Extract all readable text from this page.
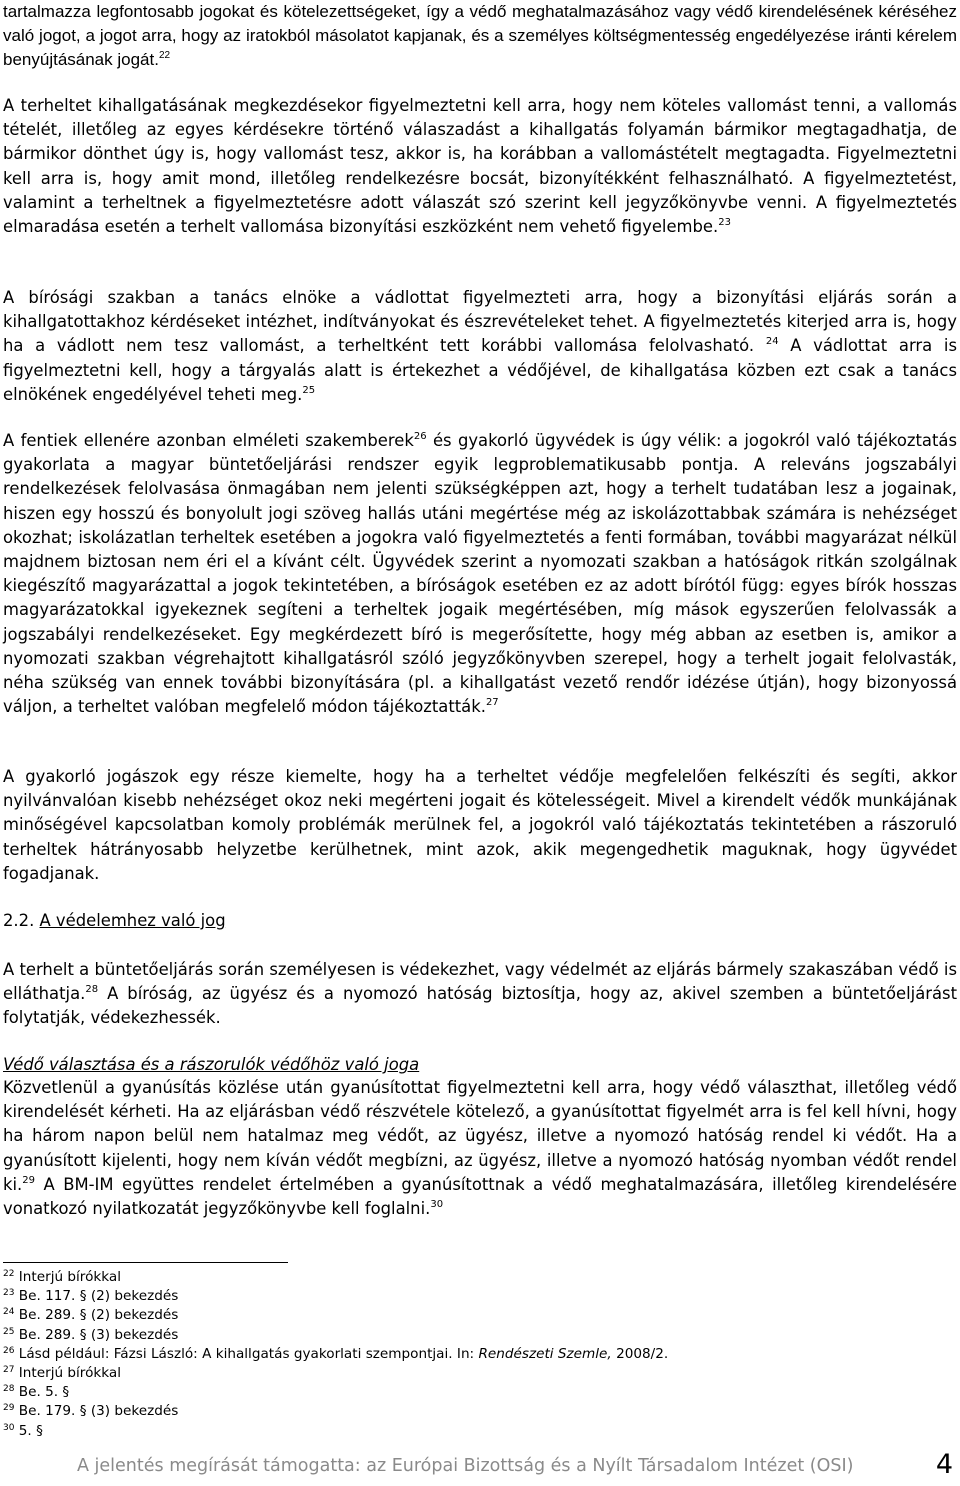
tartalmazza legfontosabb jogokat és kötelezettségeket, így a védő meghatalmazásához vagy védő kirendelésének kéréséhez való jogot, a jogot arra, hogy az iratokból másolatot kapjanak, és a személyes költségmentesség engedélyezése iránti kérelem benyújtásának jogát.$^{22}$

A terheltet kihallgatásának megkezdésekor figyelmeztetni kell arra, hogy nem köteles vallomást tenni, a vallomás tételét, illetőleg az egyes kérdésekre történő válaszadást a kihallgatás folyamán bármikor megtagadhatja, de bármikor dönthet úgy is, hogy vallomást tesz, akkor is, ha korábban a vallomástételt megtagadta. Figyelmeztetni kell arra is, hogy amit mond, illetőleg rendelkezésre bocsát, bizonyítékként felhasználható. A figyelmeztetést, valamint a terheltnek a figyelmeztetésre adott válaszát szó szerint kell jegyzőkönyvbe venni. A figyelmeztetés elmaradása esetén a terhelt vallomása bizonyítási eszközként nem vehető figyelembe.$^{23}$

A bírósági szakban a tanács elnöke a vádlottat figyelmezteti arra, hogy a bizonyítási eljárás során a kihallgatottakhoz kérdéseket intézhet, indítványokat és észrevételeket tehet. A figyelmeztetés kiterjed arra is, hogy ha a vádlott nem tesz vallomást, a terheltként tett korábbi vallomása felolvasható. $^{24}$ A vádlottat arra is figyelmeztetni kell, hogy a tárgyalás alatt is értekezhet a védőjével, de kihallgatása közben ezt csak a tanács elnökének engedélyével teheti meg.$^{25}$

A fentiek ellenére azonban elméleti szakemberek$^{26}$ és gyakorló ügyvédek is úgy vélik: a jogokról való tájékoztatás gyakorlata a magyar büntetőeljárási rendszer egyik legproblematikusabb pontja. A releváns jogszabályi rendelkezések felolvasása önmagában nem jelenti szükségképpen azt, hogy a terhelt tudatában lesz a jogainak, hiszen egy hosszú és bonyolult jogi szöveg hallás utáni megértése még az iskolázottabbak számára is nehézséget okozhat; iskolázatlan terheltek esetében a jogokra való figyelmeztetés a fenti formában, további magyarázat nélkül majdnem biztosan nem éri el a kívánt célt. Ügyvédek szerint a nyomozati szakban a hatóságok ritkán szolgálnak kiegészítő magyarázattal a jogok tekintetében, a bíróságok esetében ez az adott bírótól függ: egyes bírók hosszas magyarázatokkal igyekeznek segíteni a terheltek jogaik megértésében, míg mások egyszerűen felolvassák a jogszabályi rendelkezéseket. Egy megkérdezett bíró is megerősítette, hogy még abban az esetben is, amikor a nyomozati szakban végrehajtott kihallgatásról szóló jegyzőkönyvben szerepel, hogy a terhelt jogait felolvasták, néha szükség van ennek további bizonyítására (pl. a kihallgatást vezető rendőr idézése útján), hogy bizonyossá váljon, a terheltet valóban megfelelő módon tájékoztatták.$^{27}$

A gyakorló jogászok egy része kiemelte, hogy ha a terheltet védője megfelelően felkészíti és segíti, akkor nyilvánvalóan kisebb nehézséget okoz neki megérteni jogait és kötelességeit. Mivel a kirendelt védők munkájának minőségével kapcsolatban komoly problémák merülnek fel, a jogokról való tájékoztatás tekintetében a rászoruló terheltek hátrányosabb helyzetbe kerülhetnek, mint azok, akik megengedhetik maguknak, hogy ügyvédet fogadjanak.

2.2. A védelemhez való jog

A terhelt a büntetőeljárás során személyesen is védekezhet, vagy védelmét az eljárás bármely szakaszában védő is elláthatja.$^{28}$ A bíróság, az ügyész és a nyomozó hatóság biztosítja, hogy az, akivel szemben a büntetőeljárást folytatják, védekezhessék.

Védő választása és a rászorulók védőhöz való joga

Közvetlenül a gyanúsítás közlése után gyanúsítottat figyelmeztetni kell arra, hogy védő választhat, illetőleg védő kirendelését kérheti. Ha az eljárásban védő részvétele kötelező, a gyanúsítottat figyelmét arra is fel kell hívni, hogy ha három napon belül nem hatalmaz meg védőt, az ügyész, illetve a nyomozó hatóság rendel ki védőt. Ha a gyanúsított kijelenti, hogy nem kíván védőt megbízni, az ügyész, illetve a nyomozó hatóság nyomban védőt rendel ki.$^{29}$ A BM-IM együttes rendelet értelmében a gyanúsítottnak a védő meghatalmazására, illetőleg kirendelésére vonatkozó nyilatkozatát jegyzőkönyvbe kell foglalni.$^{30}$

$^{22}$ Interjú bírókkal
$^{23}$ Be. 117. § (2) bekezdés
$^{24}$ Be. 289. § (2) bekezdés
$^{25}$ Be. 289. § (3) bekezdés
$^{26}$ Lásd például: Fázsi László: A kihallgatás gyakorlati szempontjai. In: Rendészeti Szemle, 2008/2.
$^{27}$ Interjú bírókkal
$^{28}$ Be. 5. §
$^{29}$ Be. 179. § (3) bekezdés
$^{30}$ 5. §
A jelentés megírását támogatta: az Európai Bizottság és a Nyílt Társadalom Intézet (OSI)	4
